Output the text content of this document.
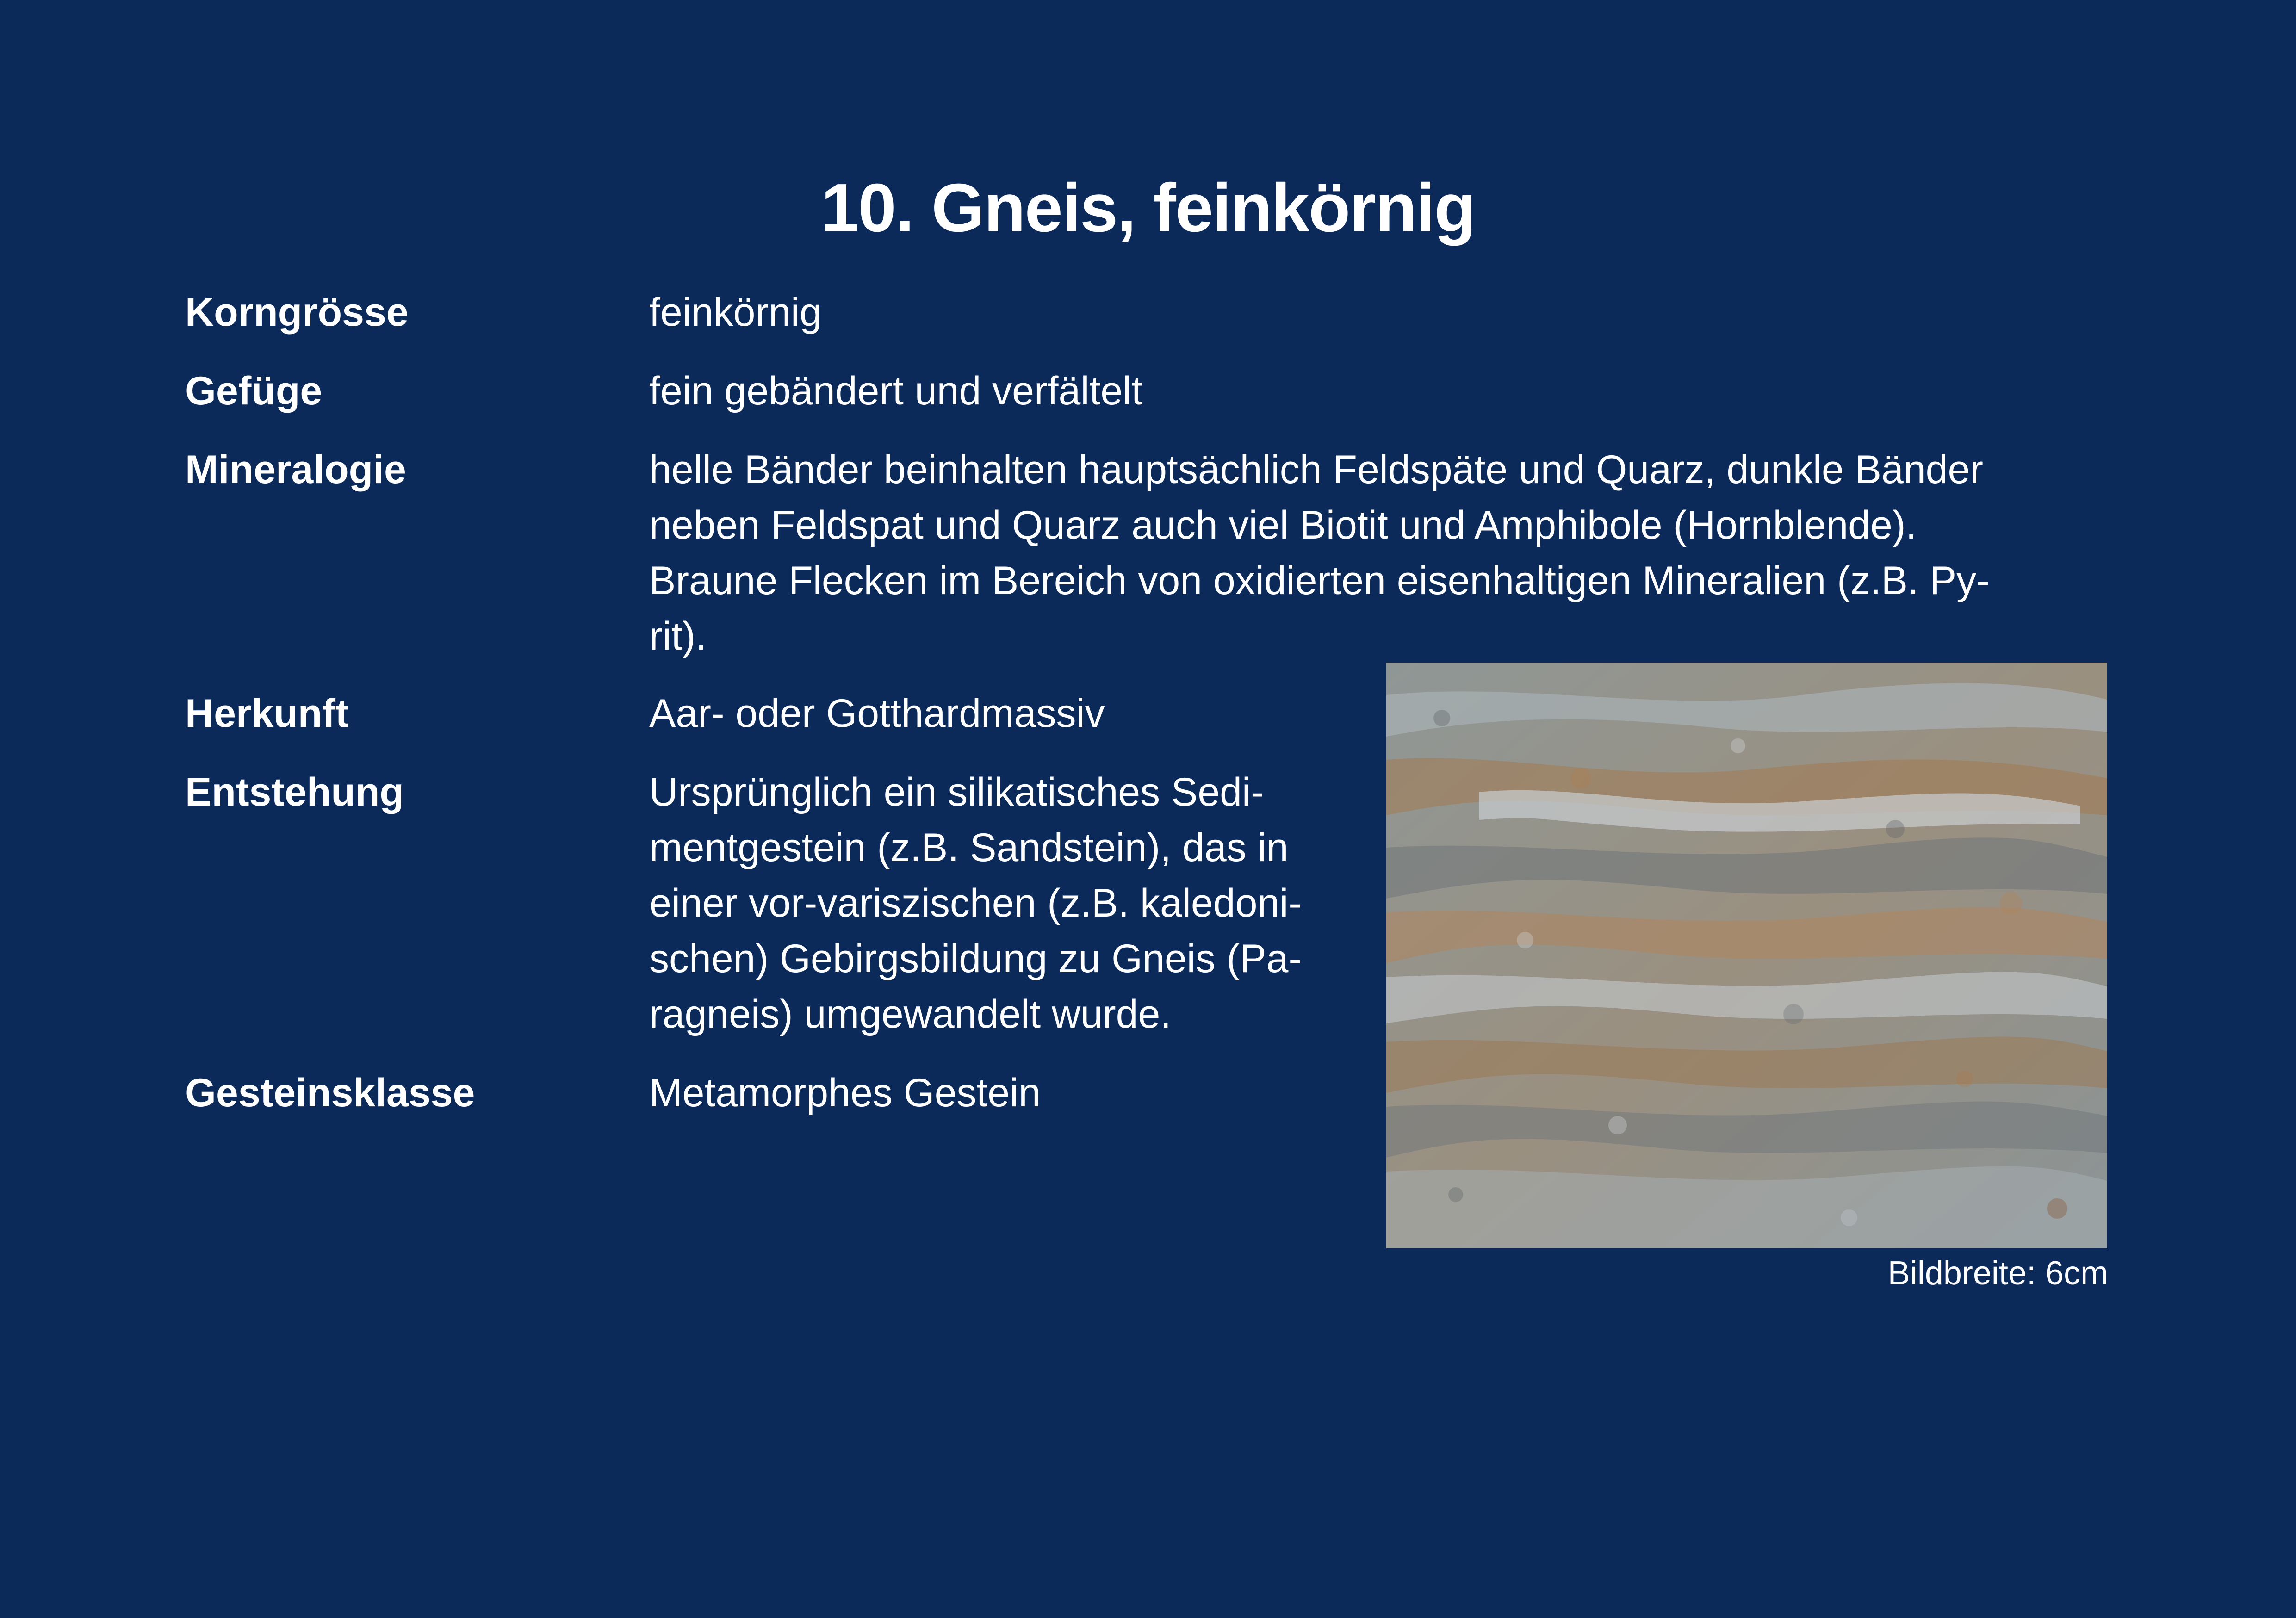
10. Gneis, feinkörnig
Korngrösse	feinkörnig
Gefüge	fein gebändert und verfältelt
Mineralogie	helle Bänder beinhalten hauptsächlich Feldspäte und Quarz, dunkle Bänder
neben Feldspat und Quarz auch viel Biotit und Amphibole (Hornblende).
Braune Flecken im Bereich von oxidierten eisenhaltigen Mineralien (z.B. Py-
rit).
Herkunft	Aar- oder Gotthardmassiv
Entstehung	Ursprünglich ein silikatisches Sedi-
mentgestein (z.B. Sandstein), das in
einer vor-variszischen (z.B. kaledoni-
schen) Gebirgsbildung zu Gneis (Pa-
ragneis) umgewandelt wurde.
Gesteinsklasse	Metamorphes Gestein
Bildbreite: 6cm
